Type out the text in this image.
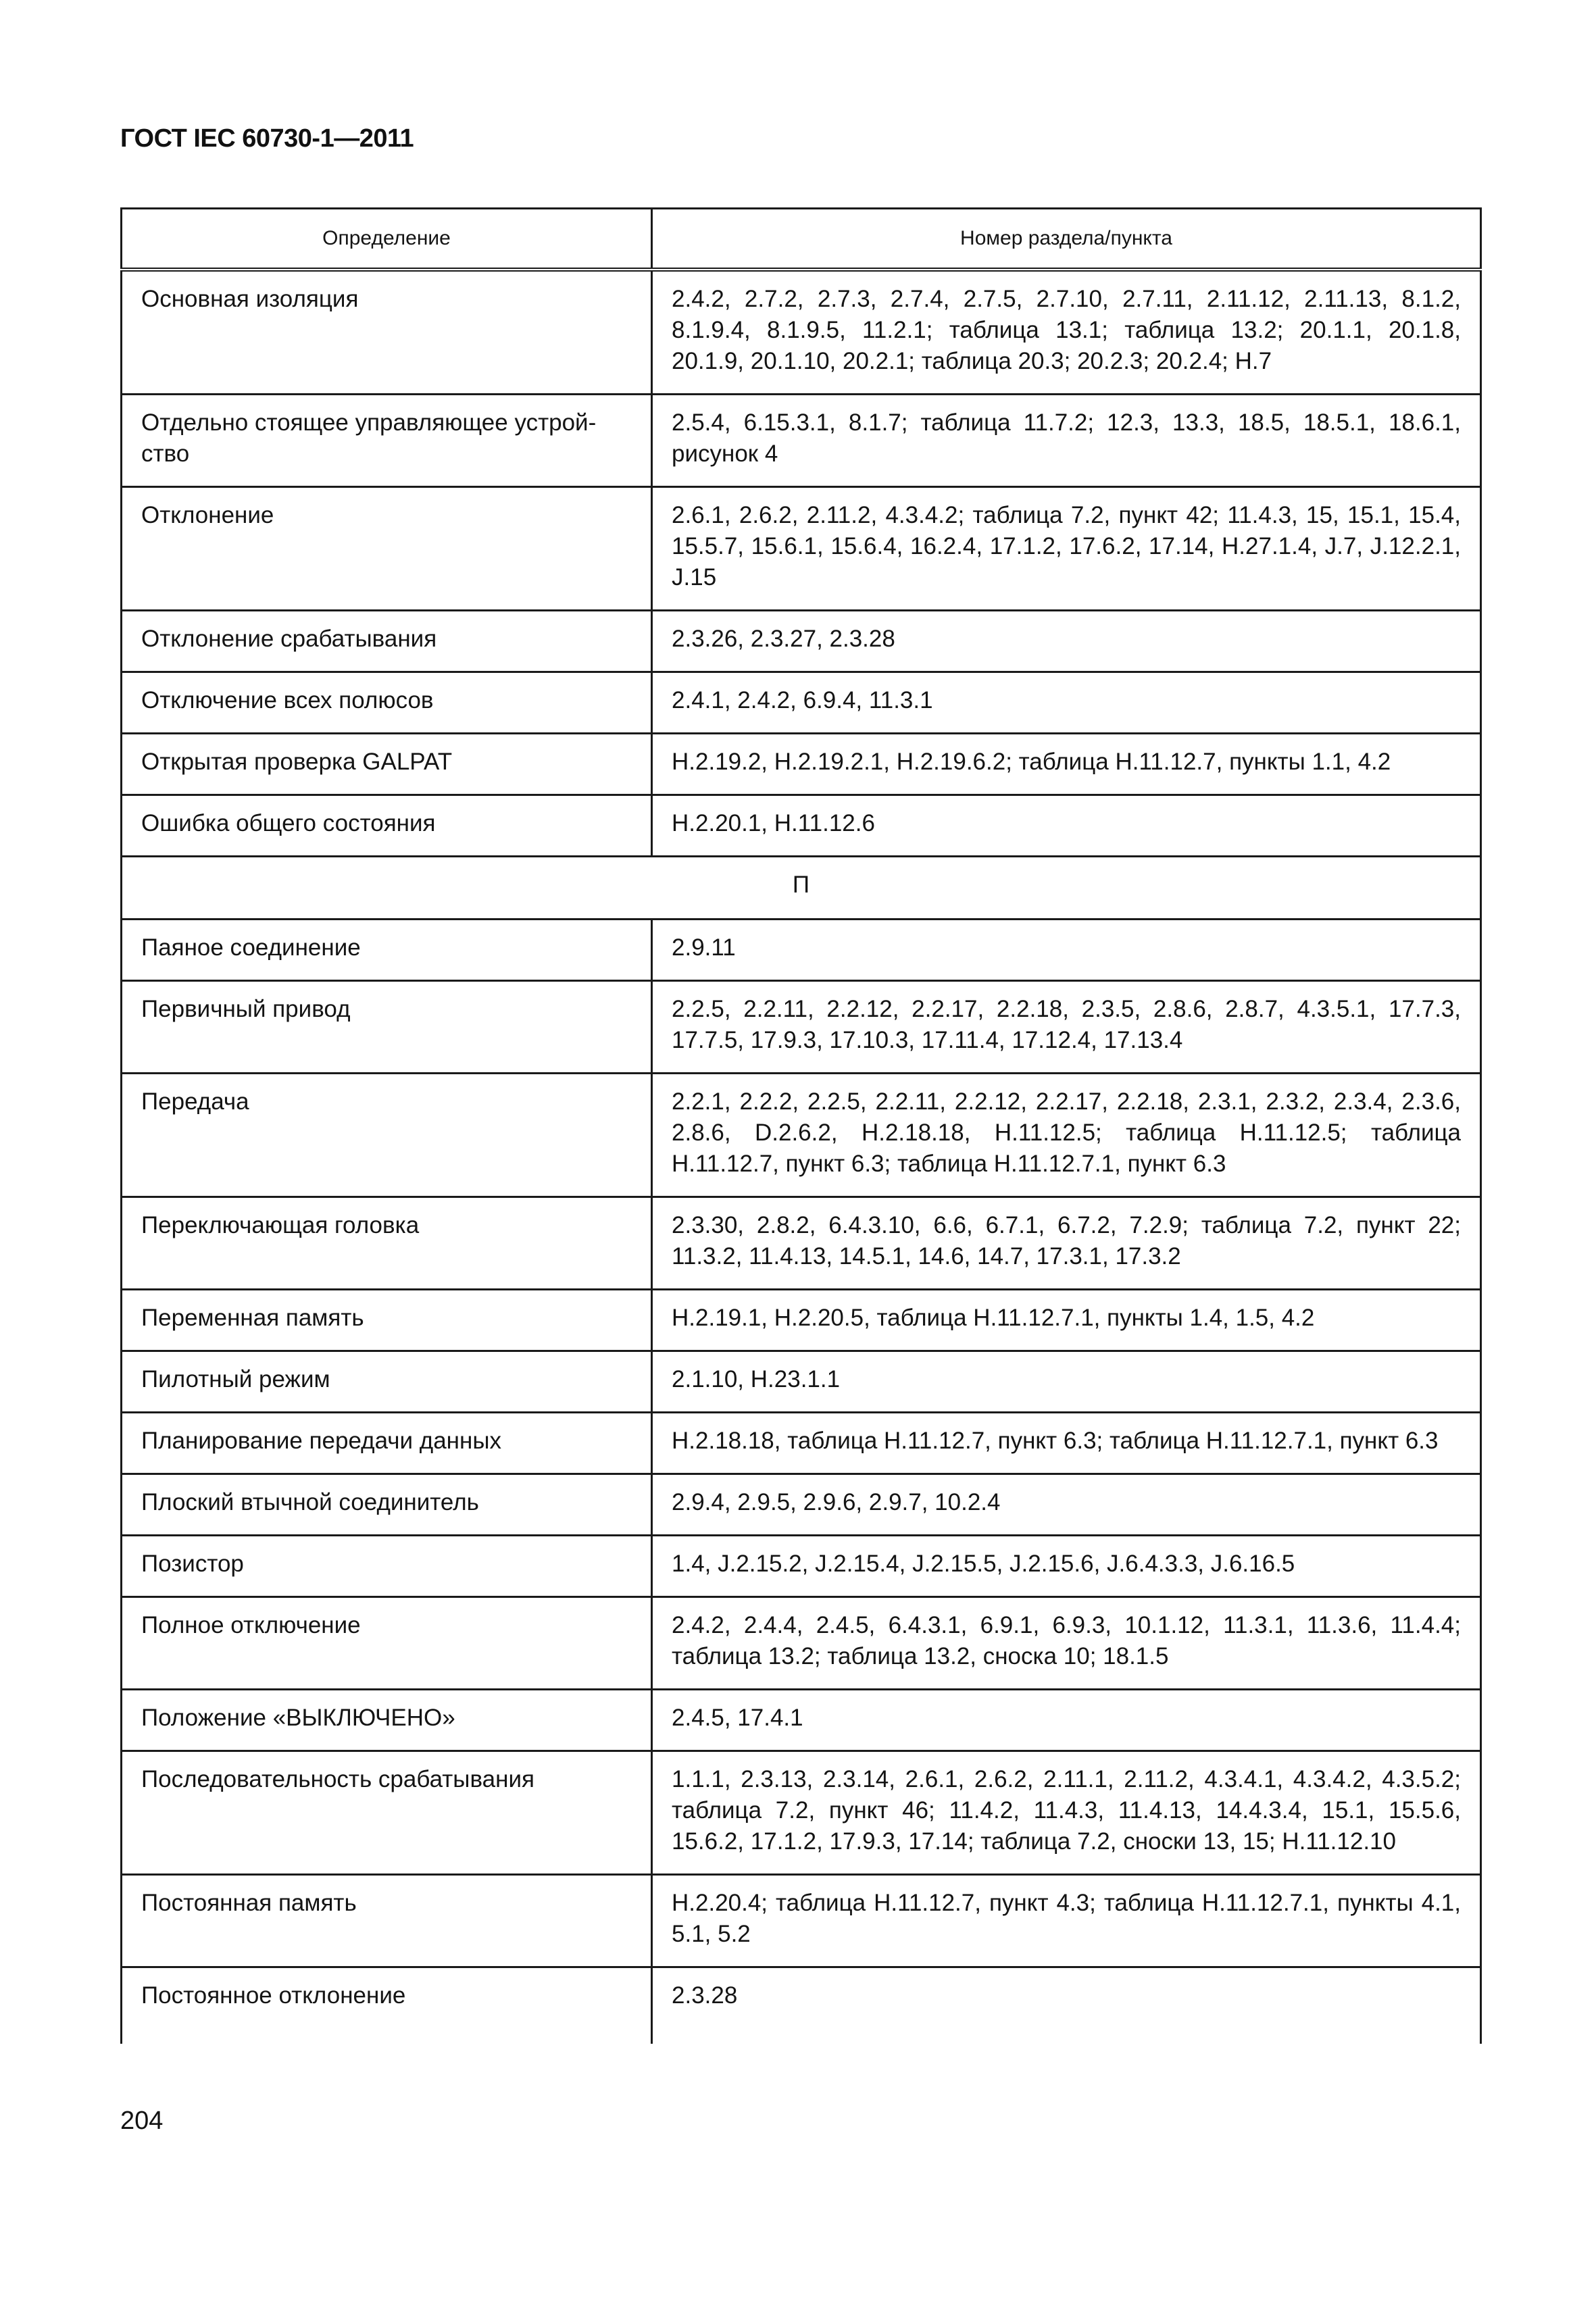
ГОСТ IEC 60730-1—2011
Определение	Номер раздела/пункта
Основная изоляция	2.4.2, 2.7.2, 2.7.3, 2.7.4, 2.7.5, 2.7.10, 2.7.11, 2.11.12, 2.11.13, 8.1.2, 8.1.9.4, 8.1.9.5, 11.2.1; таблица 13.1; таблица 13.2; 20.1.1, 20.1.8, 20.1.9, 20.1.10, 20.2.1; таблица 20.3; 20.2.3; 20.2.4; H.7
Отдельно стоящее управляющее устрой-ство	2.5.4, 6.15.3.1, 8.1.7; таблица 11.7.2; 12.3, 13.3, 18.5, 18.5.1, 18.6.1, рисунок 4
Отклонение	2.6.1, 2.6.2, 2.11.2, 4.3.4.2; таблица 7.2, пункт 42; 11.4.3, 15, 15.1, 15.4, 15.5.7, 15.6.1, 15.6.4, 16.2.4, 17.1.2, 17.6.2, 17.14, H.27.1.4, J.7, J.12.2.1, J.15
Отклонение срабатывания	2.3.26, 2.3.27, 2.3.28
Отключение всех полюсов	2.4.1, 2.4.2, 6.9.4, 11.3.1
Открытая проверка GALPAT	H.2.19.2, H.2.19.2.1, H.2.19.6.2; таблица H.11.12.7, пункты 1.1, 4.2
Ошибка общего состояния	H.2.20.1, H.11.12.6
П	
Паяное соединение	2.9.11
Первичный привод	2.2.5, 2.2.11, 2.2.12, 2.2.17, 2.2.18, 2.3.5, 2.8.6, 2.8.7, 4.3.5.1, 17.7.3, 17.7.5, 17.9.3, 17.10.3, 17.11.4, 17.12.4, 17.13.4
Передача	2.2.1, 2.2.2, 2.2.5, 2.2.11, 2.2.12, 2.2.17, 2.2.18, 2.3.1, 2.3.2, 2.3.4, 2.3.6, 2.8.6, D.2.6.2, H.2.18.18, H.11.12.5; таблица H.11.12.5; таблица H.11.12.7, пункт 6.3; таблица H.11.12.7.1, пункт 6.3
Переключающая головка	2.3.30, 2.8.2, 6.4.3.10, 6.6, 6.7.1, 6.7.2, 7.2.9; таблица 7.2, пункт 22; 11.3.2, 11.4.13, 14.5.1, 14.6, 14.7, 17.3.1, 17.3.2
Переменная память	H.2.19.1, H.2.20.5, таблица H.11.12.7.1, пункты 1.4, 1.5, 4.2
Пилотный режим	2.1.10, H.23.1.1
Планирование передачи данных	H.2.18.18, таблица H.11.12.7, пункт 6.3; таблица H.11.12.7.1, пункт 6.3
Плоский втычной соединитель	2.9.4, 2.9.5, 2.9.6, 2.9.7, 10.2.4
Позистор	1.4, J.2.15.2, J.2.15.4, J.2.15.5, J.2.15.6, J.6.4.3.3, J.6.16.5
Полное отключение	2.4.2, 2.4.4, 2.4.5, 6.4.3.1, 6.9.1, 6.9.3, 10.1.12, 11.3.1, 11.3.6, 11.4.4; таблица 13.2; таблица 13.2, сноска 10; 18.1.5
Положение «ВЫКЛЮЧЕНО»	2.4.5, 17.4.1
Последовательность срабатывания	1.1.1, 2.3.13, 2.3.14, 2.6.1, 2.6.2, 2.11.1, 2.11.2, 4.3.4.1, 4.3.4.2, 4.3.5.2; таблица 7.2, пункт 46; 11.4.2, 11.4.3, 11.4.13, 14.4.3.4, 15.1, 15.5.6, 15.6.2, 17.1.2, 17.9.3, 17.14; таблица 7.2, сноски 13, 15; H.11.12.10
Постоянная память	H.2.20.4; таблица H.11.12.7, пункт 4.3; таблица H.11.12.7.1, пункты 4.1, 5.1, 5.2
Постоянное отклонение	2.3.28
204
